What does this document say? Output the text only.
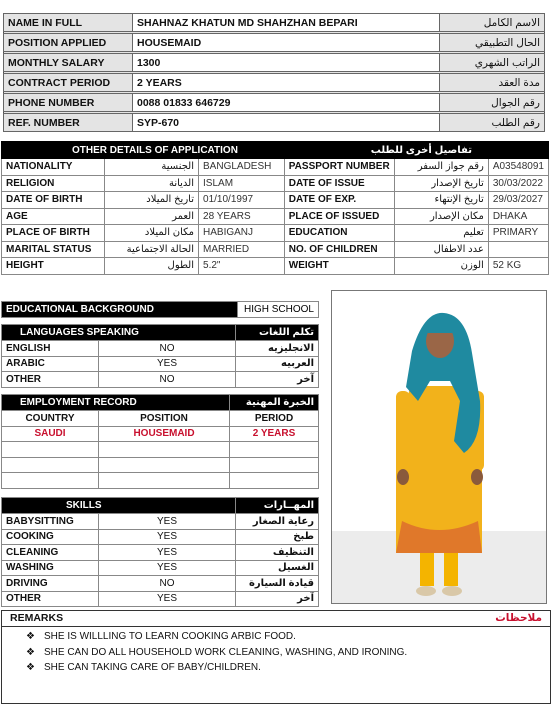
NAME IN FULL	SHAHNAZ KHATUN MD SHAHZHAN BEPARI	الاسم الكامل

POSITION APPLIED	HOUSEMAID	الحال التطبيقي

MONTHLY SALARY	1300	الراتب الشهري

CONTRACT PERIOD	2 YEARS	مدة العقد

PHONE NUMBER	0088 01833 646729	رقم الجوال

REF. NUMBER	SYP-670	رقم الطلب
OTHER DETAILS OF APPLICATION			تفاصيل أخرى للطلب		
NATIONALITY	الجنسية	BANGLADESH	PASSPORT NUMBER	رقم جواز السفر	A03548091
RELIGION	الديانة	ISLAM	DATE OF ISSUE	تاريخ الإصدار	30/03/2022
DATE OF BIRTH	تاريخ الميلاد	01/10/1997	DATE OF EXP.	تاريخ الإنتهاء	29/03/2027
AGE	العمر	28 YEARS	PLACE OF ISSUED	مكان الإصدار	DHAKA
PLACE OF BIRTH	مكان الميلاد	HABIGANJ	EDUCATION	تعليم	PRIMARY
MARITAL STATUS	الحالة الاجتماعية	MARRIED	NO. OF CHILDREN	عدد الاطفال	
HEIGHT	الطول	5.2"	WEIGHT	الوزن	52 KG
EDUCATIONAL BACKGROUND	HIGH SCHOOL
LANGUAGES SPEAKING		تكلم اللغات
ENGLISH	NO	الانجليزيه
ARABIC	YES	العربيه
OTHER	NO	آخر
EMPLOYMENT RECORD		الخبرة المهنية
COUNTRY	POSITION	PERIOD
SAUDI	HOUSEMAID	2 YEARS

SKILLS		المهــارات
BABYSITTING	YES	رعاية الصغار
COOKING	YES	طبخ
CLEANING	YES	التنظيف
WASHING	YES	الغسيل
DRIVING	NO	قيادة السيارة
OTHER	YES	آخر
REMARKS	ملاحظات
❖ SHE IS WILLLING TO LEARN COOKING ARBIC FOOD.
❖ SHE CAN DO ALL HOUSEHOLD WORK CLEANING, WASHING, AND IRONING.
❖ SHE CAN TAKING CARE OF BABY/CHILDREN.
